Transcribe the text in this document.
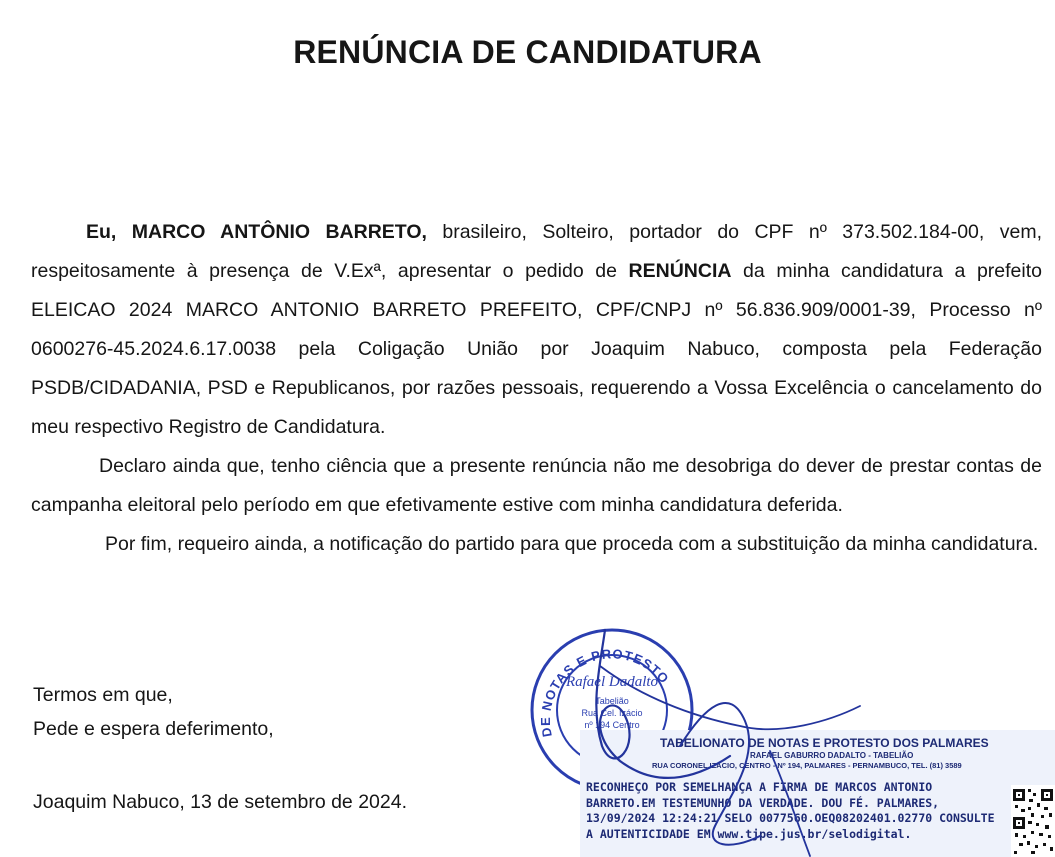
RENÚNCIA DE CANDIDATURA

Eu, MARCO ANTÔNIO BARRETO, brasileiro, Solteiro, portador do CPF nº 373.502.184-00, vem, respeitosamente à presença de V.Exª, apresentar o pedido de RENÚNCIA da minha candidatura a prefeito ELEICAO 2024 MARCO ANTONIO BARRETO PREFEITO, CPF/CNPJ nº 56.836.909/0001-39, Processo nº 0600276-45.2024.6.17.0038 pela Coligação União por Joaquim Nabuco, composta pela Federação PSDB/CIDADANIA, PSD e Republicanos, por razões pessoais, requerendo a Vossa Excelência o cancelamento do meu respectivo Registro de Candidatura.

Declaro ainda que, tenho ciência que a presente renúncia não me desobriga do dever de prestar contas de campanha eleitoral pelo período em que efetivamente estive com minha candidatura deferida.

Por fim, requeiro ainda, a notificação do partido para que proceda com a substituição da minha candidatura.

Termos em que,
Pede e espera deferimento,
Joaquim Nabuco, 13 de setembro de 2024.
DE NOTAS E PROTESTO
Rafael Dadalto
Tabelião
Rua Cel. Izácio
nº 194 Centro
TABELIONATO DE NOTAS E PROTESTO DOS PALMARES
RAFAEL GABURRO DADALTO - TABELIÃO
RUA CORONEL IZACIO, CENTRO - Nº 194, PALMARES - PERNAMBUCO, TEL. (81) 3589
RECONHEÇO POR SEMELHANÇA A FIRMA DE MARCOS ANTONIO BARRETO.EM TESTEMUNHO DA VERDADE. DOU FÉ. PALMARES, 13/09/2024 12:24:21 SELO 0077560.OEQ08202401.02770 CONSULTE A AUTENTICIDADE EM www.tjpe.jus.br/selodigital.
